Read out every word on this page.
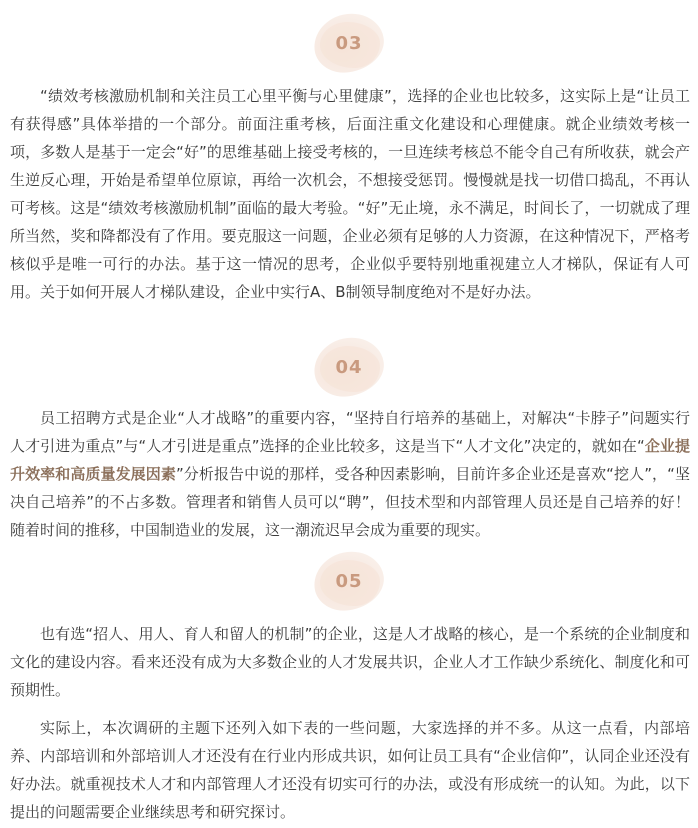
03

“绩效考核激励机制和关注员工心里平衡与心里健康”，选择的企业也比较多，这实际上是“让员工有获得感”具体举措的一个部分。前面注重考核，后面注重文化建设和心理健康。就企业绩效考核一项，多数人是基于一定会“好”的思维基础上接受考核的，一旦连续考核总不能令自己有所收获，就会产生逆反心理，开始是希望单位原谅，再给一次机会，不想接受惩罚。慢慢就是找一切借口捣乱，不再认可考核。这是“绩效考核激励机制”面临的最大考验。“好”无止境，永不满足，时间长了，一切就成了理所当然，奖和降都没有了作用。要克服这一问题，企业必须有足够的人力资源，在这种情况下，严格考核似乎是唯一可行的办法。基于这一情况的思考，企业似乎要特别地重视建立人才梯队，保证有人可用。关于如何开展人才梯队建设，企业中实行A、B制领导制度绝对不是好办法。

04

员工招聘方式是企业“人才战略”的重要内容，“坚持自行培养的基础上，对解决“卡脖子”问题实行人才引进为重点”与“人才引进是重点”选择的企业比较多，这是当下“人才文化”决定的，就如在“企业提升效率和高质量发展因素”分析报告中说的那样，受各种因素影响，目前许多企业还是喜欢“挖人”，“坚决自己培养”的不占多数。管理者和销售人员可以“聘”，但技术型和内部管理人员还是自己培养的好！随着时间的推移，中国制造业的发展，这一潮流迟早会成为重要的现实。

05

也有选“招人、用人、育人和留人的机制”的企业，这是人才战略的核心，是一个系统的企业制度和文化的建设内容。看来还没有成为大多数企业的人才发展共识，企业人才工作缺少系统化、制度化和可预期性。

实际上，本次调研的主题下还列入如下表的一些问题，大家选择的并不多。从这一点看，内部培养、内部培训和外部培训人才还没有在行业内形成共识，如何让员工具有“企业信仰”，认同企业还没有好办法。就重视技术人才和内部管理人才还没有切实可行的办法，或没有形成统一的认知。为此，以下提出的问题需要企业继续思考和研究探讨。
